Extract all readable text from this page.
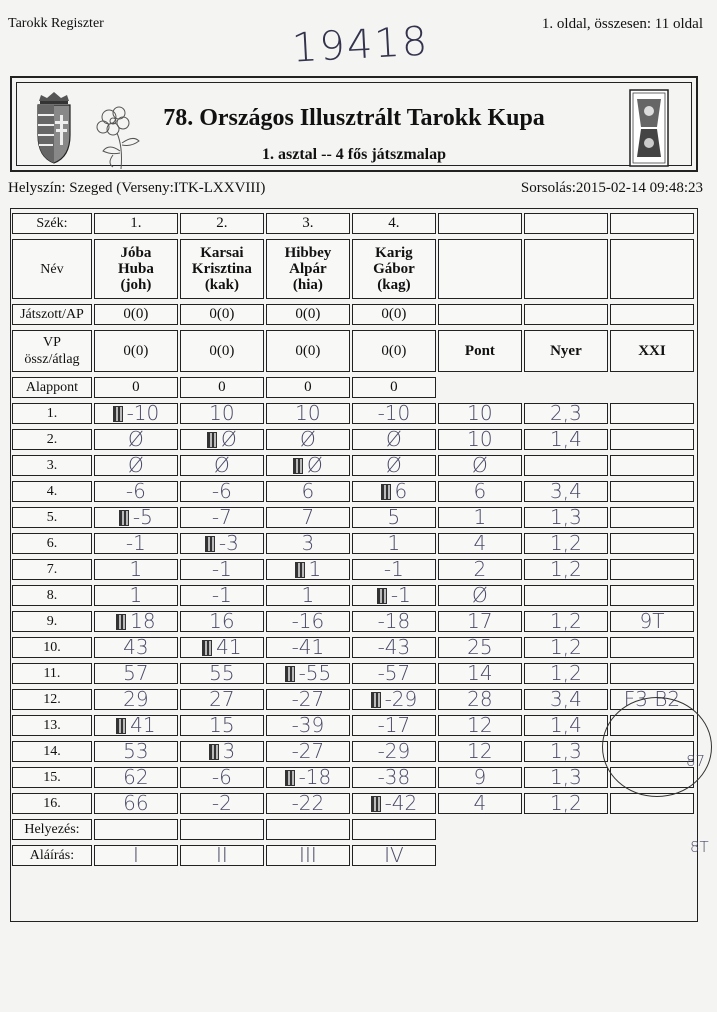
Tarokk Regiszter	1. oldal, összesen: 11 oldal
19418
78. Országos Illusztrált Tarokk Kupa
1. asztal -- 4 fős játszmalap
Helyszín: Szeged (Verseny:ITK-LXXVIII)	Sorsolás:2015-02-14 09:48:23
Szék:	1.	2.	3.	4.			
Név	Jóba
Huba
(joh)	Karsai
Krisztina
(kak)	Hibbey
Alpár
(hia)	Karig
Gábor
(kag)			
Játszott/AP	0(0)	0(0)	0(0)	0(0)			
VP
össz/átlag	0(0)	0(0)	0(0)	0(0)	Pont	Nyer	XXI
Alappont	0	0	0	0			
1.	-10	10	10	-10	10	2,3	
2.	Ø	Ø	Ø	Ø	10	1,4	
3.	Ø	Ø	Ø	Ø	Ø		
4.	-6	-6	6	6	6	3,4	
5.	-5	-7	7	5	1	1,3	
6.	-1	-3	3	1	4	1,2	
7.	1	-1	1	-1	2	1,2	
8.	1	-1	1	-1	Ø		
9.	18	16	-16	-18	17	1,2	9T
10.	43	41	-41	-43	25	1,2	
11.	57	55	-55	-57	14	1,2	
12.	29	27	-27	-29	28	3,4	F3 B2
13.	41	15	-39	-17	12	1,4	
14.	53	3	-27	-29	12	1,3	
15.	62	-6	-18	-38	9	1,3	
16.	66	-2	-22	-42	4	1,2	
Helyezés:							
Aláírás:	I	II	III	IV			
87
8T
